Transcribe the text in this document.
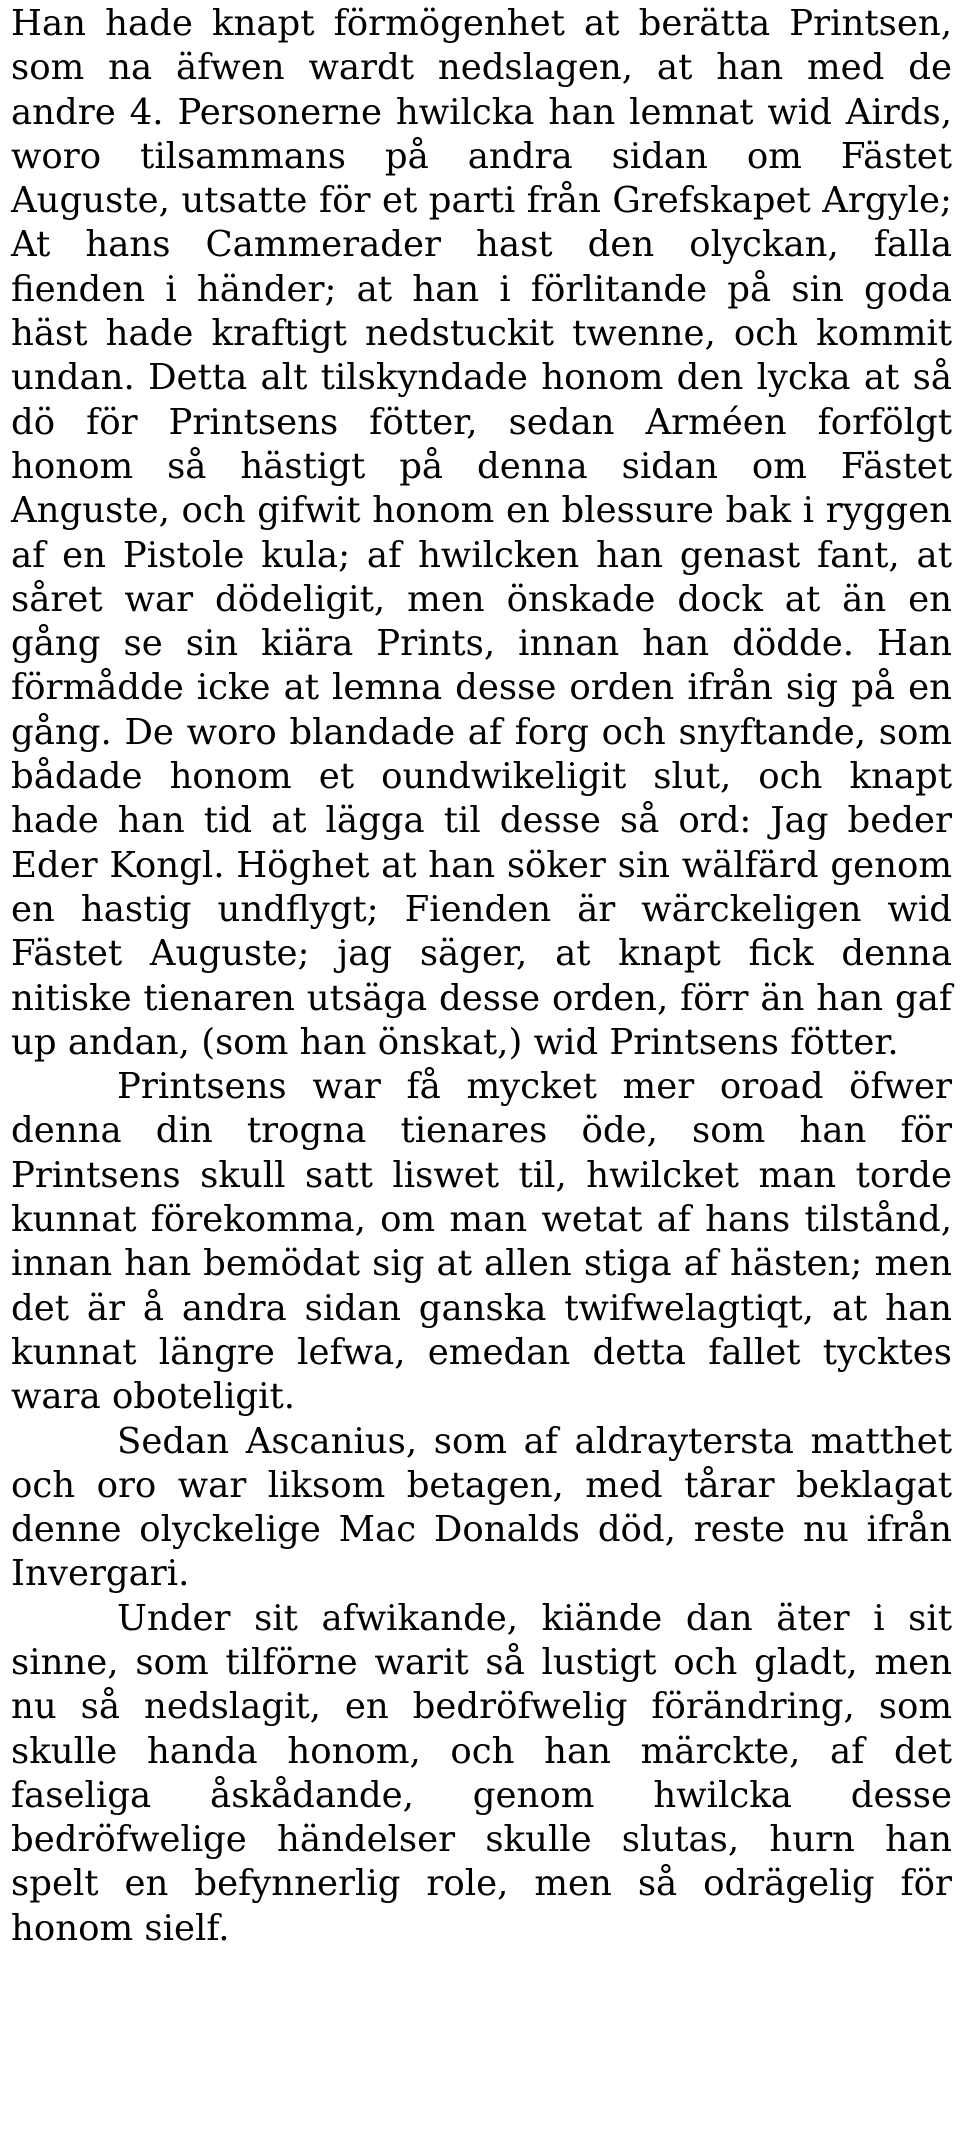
Han hade knapt förmögenhet at berätta Printsen, som na äfwen wardt nedslagen, at han med de andre 4. Personerne hwilcka han lemnat wid Airds, woro tilsammans på andra sidan om Fästet Auguste, utsatte för et parti från Grefskapet Argyle; At hans Cammerader hast den olyckan, falla fienden i händer; at han i förlitande på sin goda häst hade kraftigt nedstuckit twenne, och kommit undan. Detta alt tilskyndade honom den lycka at så dö för Printsens fötter, sedan Arméen forfölgt honom så hästigt på denna sidan om Fästet Anguste, och gifwit honom en blessure bak i ryggen af en Pistole kula; af hwilcken han genast fant, at såret war dödeligit, men önskade dock at än en gång se sin kiära Prints, innan han dödde. Han förmådde icke at lemna desse orden ifrån sig på en gång. De woro blandade af forg och snyftande, som bådade honom et oundwikeligit slut, och knapt hade han tid at lägga til desse så ord: Jag beder Eder Kongl. Höghet at han söker sin wälfärd genom en hastig undflygt; Fienden är wärckeligen wid Fästet Auguste; jag säger, at knapt fick denna nitiske tienaren utsäga desse orden, förr än han gaf up andan, (som han önskat,) wid Printsens fötter.

Printsens war få mycket mer oroad öfwer denna din trogna tienares öde, som han för Printsens skull satt liswet til, hwilcket man torde kunnat förekomma, om man wetat af hans tilstånd, innan han bemödat sig at allen stiga af hästen; men det är å andra sidan ganska twifwelagtiqt, at han kunnat längre lefwa, emedan detta fallet tycktes wara oboteligit.

Sedan Ascanius, som af aldraytersta matthet och oro war liksom betagen, med tårar beklagat denne olyckelige Mac Donalds död, reste nu ifrån Invergari.

Under sit afwikande, kiände dan äter i sit sinne, som tilförne warit så lustigt och gladt, men nu så nedslagit, en bedröfwelig förändring, som skulle handa honom, och han märckte, af det faseliga åskådande, genom hwilcka desse bedröfwelige händelser skulle slutas, hurn han spelt en befynnerlig role, men så odrägelig för honom sielf.
